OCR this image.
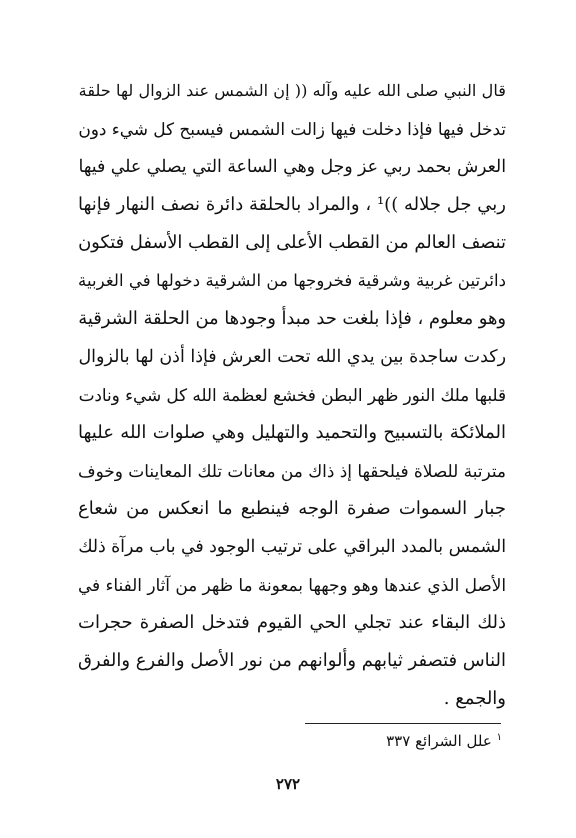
قال النبي صلى الله عليه وآله (( إن الشمس عند الزوال لها حلقة
تدخل فيها فإذا دخلت فيها زالت الشمس فيسبح كل شيء دون
العرش بحمد ربي عز وجل وهي الساعة التي يصلي علي فيها
ربي جل جلاله ))¹ ، والمراد بالحلقة دائرة نصف النهار فإنها
تنصف العالم من القطب الأعلى إلى القطب الأسفل فتكون
دائرتين غربية وشرقية فخروجها من الشرقية دخولها في الغربية
وهو معلوم ، فإذا بلغت حد مبدأ وجودها من الحلقة الشرقية
ركدت ساجدة بين يدي الله تحت العرش فإذا أذن لها بالزوال
قلبها ملك النور ظهر البطن فخشع لعظمة الله كل شيء ونادت
الملائكة بالتسبيح والتحميد والتهليل وهي صلوات الله عليها
مترتبة للصلاة فيلحقها إذ ذاك من معانات تلك المعاينات وخوف
جبار السموات صفرة الوجه فينطبع ما انعكس من شعاع
الشمس بالمدد البراقي على ترتيب الوجود في باب مرآة ذلك
الأصل الذي عندها وهو وجهها بمعونة ما ظهر من آثار الفناء في
ذلك البقاء عند تجلي الحي القيوم فتدخل الصفرة حجرات
الناس فتصفر ثيابهم وألوانهم من نور الأصل والفرع والفرق
والجمع .
$^١$ علل الشرائع ٣٣٧
٢٧٢
